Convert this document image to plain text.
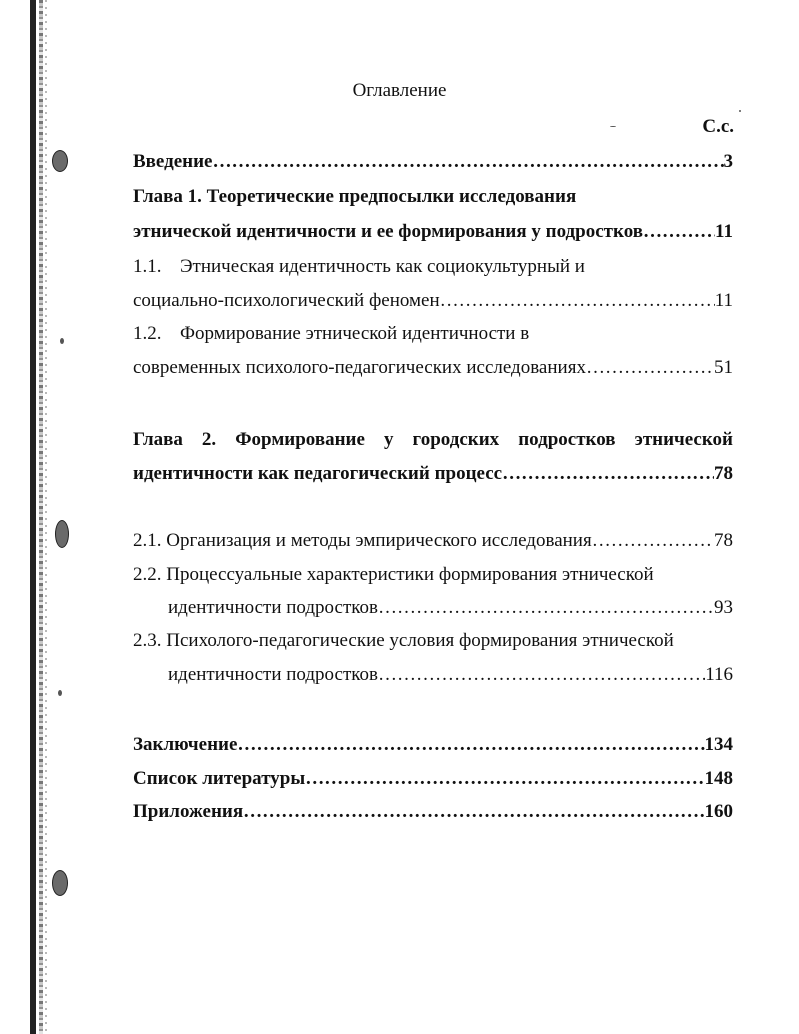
Оглавление
С.с.
Введение ………………………………………………………………………………………………………………………………	3
Глава 1. Теоретические предпосылки исследования
этнической идентичности и ее формирования у подростков ………………………………………………………………………………………………………………………………	11
1.1. Этническая идентичность как социокультурный и
социально-психологический феномен ………………………………………………………………………………………………………………………………	11
1.2. Формирование этнической идентичности в
современных психолого-педагогических исследованиях ………………………………………………………………………………………………………………………………	51
Глава 2. Формирование у городских подростков этнической
идентичности как педагогический процесс ………………………………………………………………………………………………………………………………	78
2.1. Организация и методы эмпирического исследования ………………………………………………………………………………………………………………………………	78
2.2. Процессуальные характеристики формирования этнической
идентичности подростков ………………………………………………………………………………………………………………………………	93
2.3. Психолого-педагогические условия формирования этнической
идентичности подростков ………………………………………………………………………………………………………………………………	116
Заключение ………………………………………………………………………………………………………………………………	134
Список литературы ………………………………………………………………………………………………………………………………	148
Приложения ………………………………………………………………………………………………………………………………	160
